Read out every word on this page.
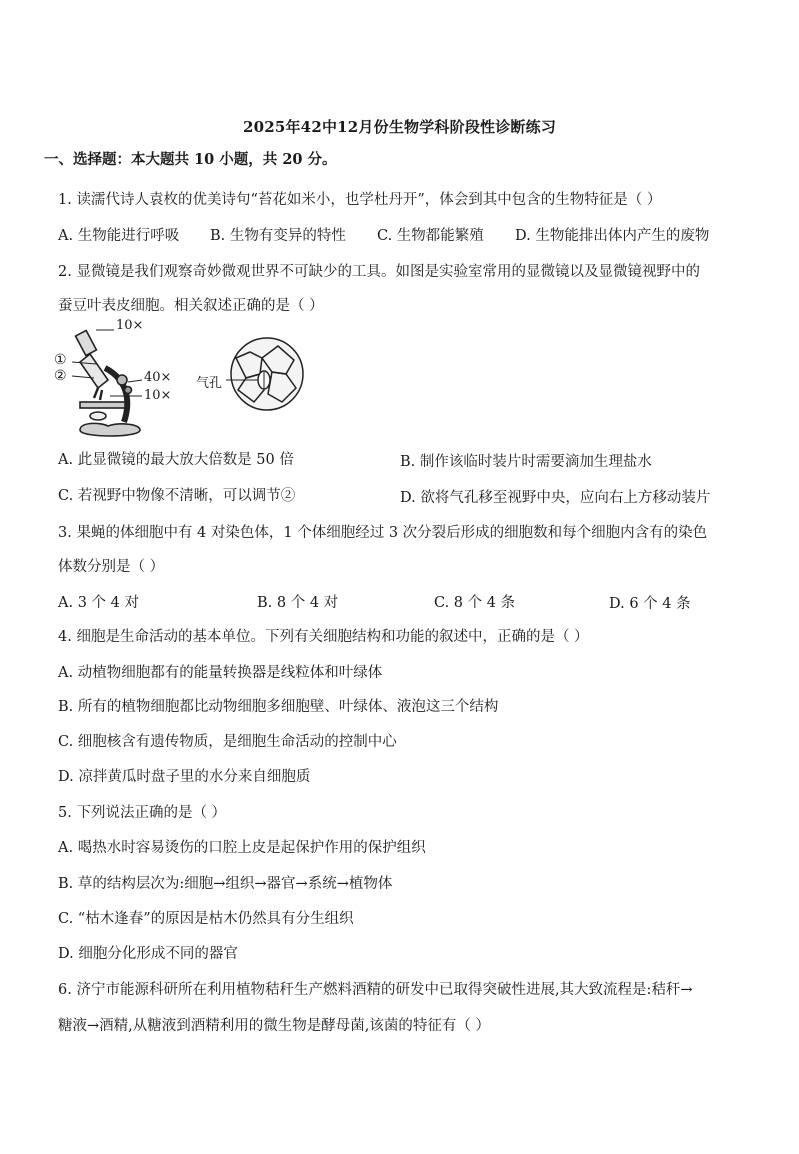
2025年42中12月份生物学科阶段性诊断练习
一、选择题：本大题共 10 小题，共 20 分。
1. 读濡代诗人袁枚的优美诗句“苔花如米小，也学杜丹开”，体会到其中包含的生物特征是（ ）
A. 生物能进行呼吸 B. 生物有变异的特性 C. 生物都能繁殖 D. 生物能排出体内产生的废物
2. 显微镜是我们观察奇妙微观世界不可缺少的工具。如图是实验室常用的显微镜以及显微镜视野中的
蚕豆叶表皮细胞。相关叙述正确的是（ ）
10×
①
②	40×
10×
气孔
A. 此显微镜的最大放大倍数是 50 倍	B. 制作该临时装片时需要滴加生理盐水
C. 若视野中物像不清晰，可以调节②	D. 欲将气孔移至视野中央，应向右上方移动装片
3. 果蝇的体细胞中有 4 对染色体，1 个体细胞经过 3 次分裂后形成的细胞数和每个细胞内含有的染色
体数分别是（ ）
A. 3 个 4 对	B. 8 个 4 对	C. 8 个 4 条	D. 6 个 4 条
4. 细胞是生命活动的基本单位。下列有关细胞结构和功能的叙述中，正确的是（ ）
A. 动植物细胞都有的能量转换器是线粒体和叶绿体
B. 所有的植物细胞都比动物细胞多细胞壁、叶绿体、液泡这三个结构
C. 细胞核含有遗传物质，是细胞生命活动的控制中心
D. 凉拌黄瓜时盘子里的水分来自细胞质
5. 下列说法正确的是（ ）
A. 喝热水时容易烫伤的口腔上皮是起保护作用的保护组织
B. 草的结构层次为:细胞→组织→器官→系统→植物体
C. “枯木逢春”的原因是枯木仍然具有分生组织
D. 细胞分化形成不同的器官
6. 济宁市能源科研所在利用植物秸秆生产燃料酒精的研发中已取得突破性进展,其大致流程是:秸秆→
糖液→酒精,从糖液到酒精利用的微生物是酵母菌,该菌的特征有（ ）
